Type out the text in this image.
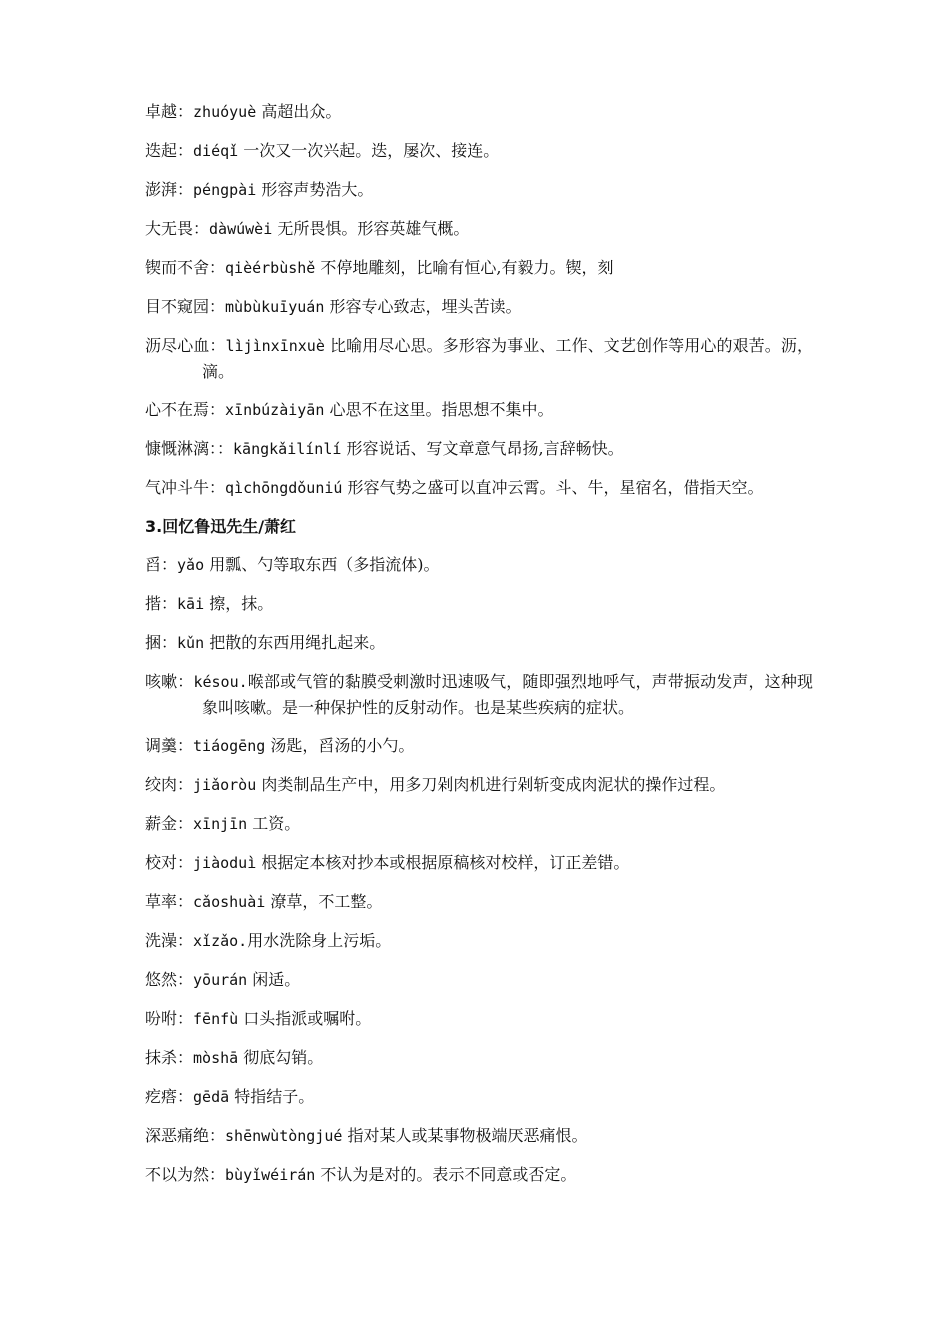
卓越：zhuóyuè 高超出众。

迭起：diéqǐ 一次又一次兴起。迭，屡次、接连。

澎湃：péngpài 形容声势浩大。

大无畏：dàwúwèi 无所畏惧。形容英雄气概。

锲而不舍：qièérbùshě 不停地雕刻，比喻有恒心,有毅力。锲，刻

目不窥园：mùbùkuīyuán 形容专心致志，埋头苦读。

沥尽心血：lìjìnxīnxuè 比喻用尽心思。多形容为事业、工作、文艺创作等用心的艰苦。沥，滴。

心不在焉：xīnbúzàiyān 心思不在这里。指思想不集中。

慷慨淋漓：：kāngkǎilínlí 形容说话、写文章意气昂扬,言辞畅快。

气冲斗牛：qìchōngdǒuniú 形容气势之盛可以直冲云霄。斗、牛，星宿名，借指天空。

3.回忆鲁迅先生/萧红

舀：yǎo 用瓢、勺等取东西（多指流体)。

揩：kāi 擦，抹。

捆：kǔn 把散的东西用绳扎起来。

咳嗽：késou.喉部或气管的黏膜受刺激时迅速吸气，随即强烈地呼气，声带振动发声，这种现象叫咳嗽。是一种保护性的反射动作。也是某些疾病的症状。

调羹：tiáogēng 汤匙，舀汤的小勺。

绞肉：jiǎoròu 肉类制品生产中，用多刀剁肉机进行剁斩变成肉泥状的操作过程。

薪金：xīnjīn 工资。

校对：jiàoduì 根据定本核对抄本或根据原稿核对校样，订正差错。

草率：cǎoshuài 潦草，不工整。

洗澡：xǐzǎo.用水洗除身上污垢。

悠然：yōurán 闲适。

吩咐：fēnfù 口头指派或嘱咐。

抹杀：mòshā 彻底勾销。

疙瘩：gēdā 特指结子。

深恶痛绝：shēnwùtòngjué 指对某人或某事物极端厌恶痛恨。

不以为然：bùyǐwéirán 不认为是对的。表示不同意或否定。
